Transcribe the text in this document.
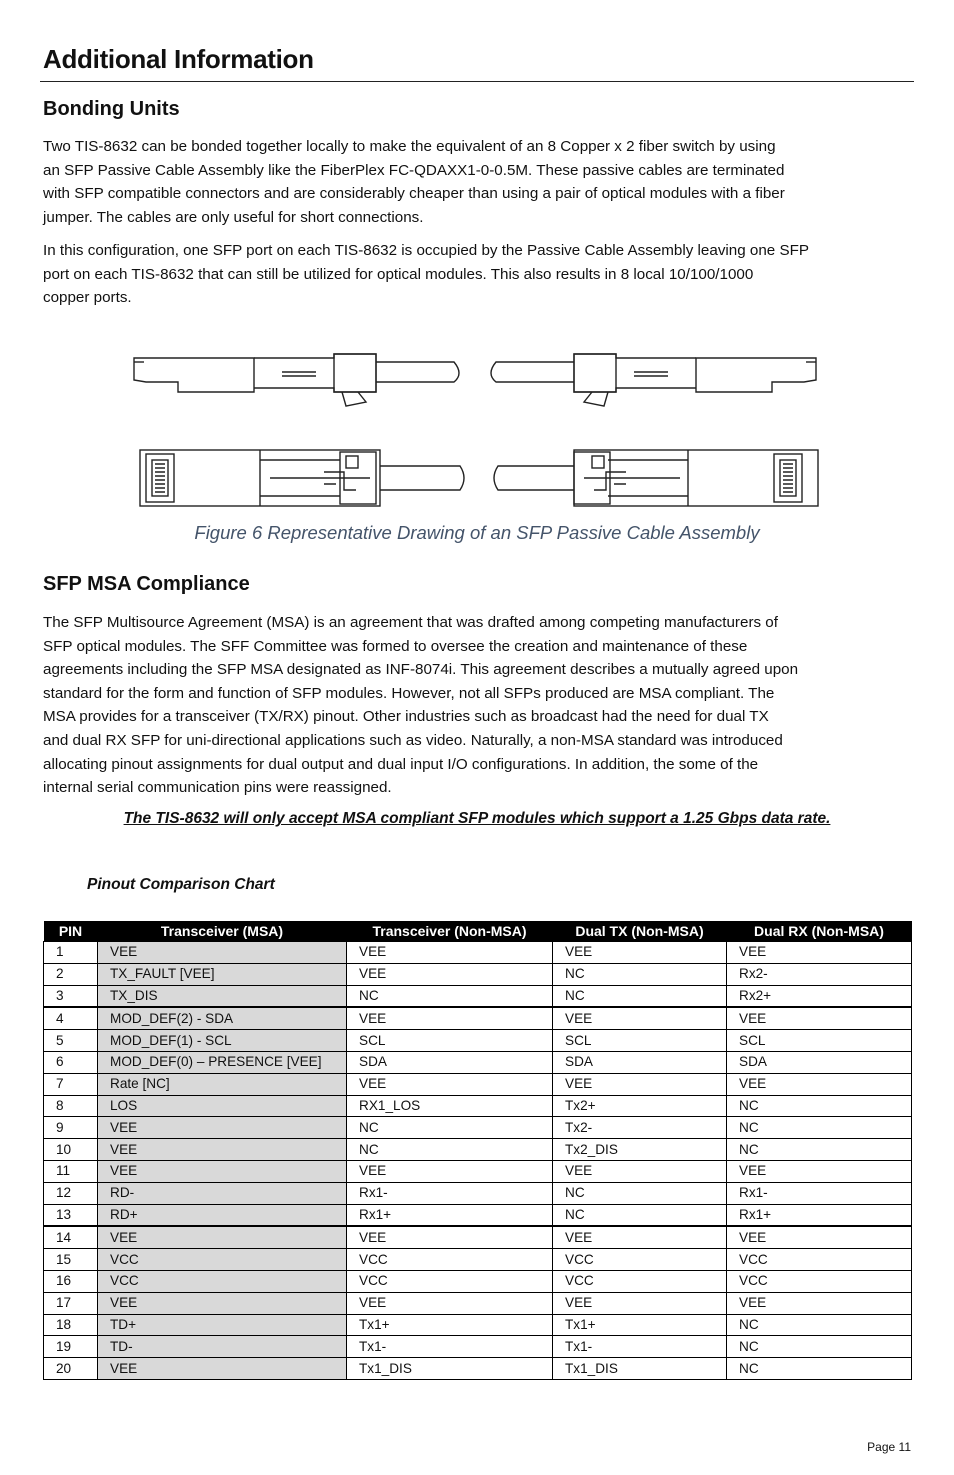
Additional Information
Bonding Units
Two TIS-8632 can be bonded together locally to make the equivalent of an 8 Copper x 2 fiber switch by using
an SFP Passive Cable Assembly like the FiberPlex FC-QDAXX1-0-0.5M. These passive cables are terminated
with SFP compatible connectors and are considerably cheaper than using a pair of optical modules with a fiber
jumper. The cables are only useful for short connections.
In this configuration, one SFP port on each TIS-8632 is occupied by the Passive Cable Assembly leaving one SFP
port on each TIS-8632 that can still be utilized for optical modules. This also results in 8 local 10/100/1000
copper ports.

Figure 6 Representative Drawing of an SFP Passive Cable Assembly

SFP MSA Compliance
The SFP Multisource Agreement (MSA) is an agreement that was drafted among competing manufacturers of
SFP optical modules. The SFF Committee was formed to oversee the creation and maintenance of these
agreements including the SFP MSA designated as INF-8074i. This agreement describes a mutually agreed upon
standard for the form and function of SFP modules. However, not all SFPs produced are MSA compliant. The
MSA provides for a transceiver (TX/RX) pinout. Other industries such as broadcast had the need for dual TX
and dual RX SFP for uni-directional applications such as video. Naturally, a non-MSA standard was introduced
allocating pinout assignments for dual output and dual input I/O configurations. In addition, the some of the
internal serial communication pins were reassigned.

The TIS-8632 will only accept MSA compliant SFP modules which support a 1.25 Gbps data rate.

Pinout Comparison Chart

PIN	Transceiver (MSA)	Transceiver (Non-MSA)	Dual TX (Non-MSA)	Dual RX (Non-MSA)
1	VEE	VEE	VEE	VEE
2	TX_FAULT [VEE]	VEE	NC	Rx2-
3	TX_DIS	NC	NC	Rx2+
4	MOD_DEF(2) - SDA	VEE	VEE	VEE
5	MOD_DEF(1) - SCL	SCL	SCL	SCL
6	MOD_DEF(0) – PRESENCE [VEE]	SDA	SDA	SDA
7	Rate [NC]	VEE	VEE	VEE
8	LOS	RX1_LOS	Tx2+	NC
9	VEE	NC	Tx2-	NC
10	VEE	NC	Tx2_DIS	NC
11	VEE	VEE	VEE	VEE
12	RD-	Rx1-	NC	Rx1-
13	RD+	Rx1+	NC	Rx1+
14	VEE	VEE	VEE	VEE
15	VCC	VCC	VCC	VCC
16	VCC	VCC	VCC	VCC
17	VEE	VEE	VEE	VEE
18	TD+	Tx1+	Tx1+	NC
19	TD-	Tx1-	Tx1-	NC
20	VEE	Tx1_DIS	Tx1_DIS	NC

Page 11
